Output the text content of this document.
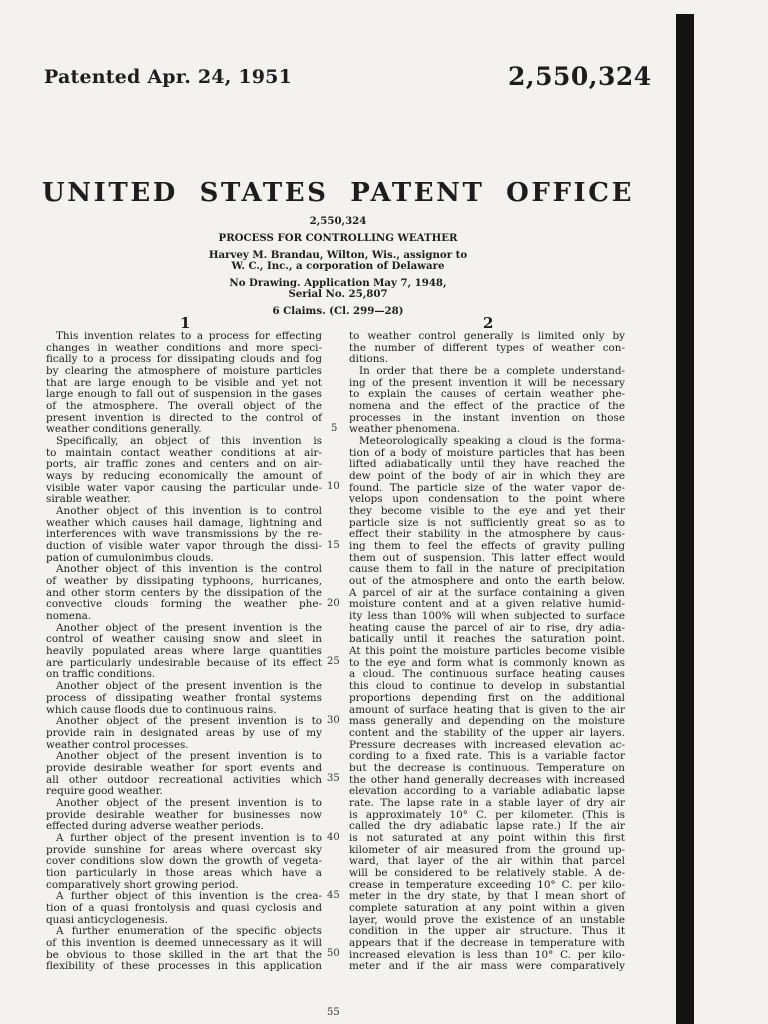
Patented Apr. 24, 1951	2,550,324
UNITED STATES PATENT OFFICE
2,550,324
PROCESS FOR CONTROLLING WEATHER
Harvey M. Brandau, Wilton, Wis., assignor to
W. C., Inc., a corporation of Delaware
No Drawing. Application May 7, 1948,
Serial No. 25,807
6 Claims. (Cl. 299—28)
1	2
This invention relates to a process for effecting
changes in weather conditions and more speci-
fically to a process for dissipating clouds and fog
by clearing the atmosphere of moisture particles
that are large enough to be visible and yet not
large enough to fall out of suspension in the gases
of the atmosphere. The overall object of the
present invention is directed to the control of
weather conditions generally.
Specifically, an object of this invention is
to maintain contact weather conditions at air-
ports, air traffic zones and centers and on air-
ways by reducing economically the amount of
visible water vapor causing the particular unde-
sirable weather.
Another object of this invention is to control
weather which causes hail damage, lightning and
interferences with wave transmissions by the re-
duction of visible water vapor through the dissi-
pation of cumulonimbus clouds.
Another object of this invention is the control
of weather by dissipating typhoons, hurricanes,
and other storm centers by the dissipation of the
convective clouds forming the weather phe-
nomena.
Another object of the present invention is the
control of weather causing snow and sleet in
heavily populated areas where large quantities
are particularly undesirable because of its effect
on traffic conditions.
Another object of the present invention is the
process of dissipating weather frontal systems
which cause floods due to continuous rains.
Another object of the present invention is to
provide rain in designated areas by use of my
weather control processes.
Another object of the present invention is to
provide desirable weather for sport events and
all other outdoor recreational activities which
require good weather.
Another object of the present invention is to
provide desirable weather for businesses now
effected during adverse weather periods.
A further object of the present invention is to
provide sunshine for areas where overcast sky
cover conditions slow down the growth of vegeta-
tion particularly in those areas which have a
comparatively short growing period.
A further object of this invention is the crea-
tion of a quasi frontolysis and quasi cyclosis and
quasi anticyclogenesis.
A further enumeration of the specific objects
of this invention is deemed unnecessary as it will
be obvious to those skilled in the art that the
flexibility of these processes in this application
to weather control generally is limited only by
the number of different types of weather con-
ditions.
In order that there be a complete understand-
ing of the present invention it will be necessary
to explain the causes of certain weather phe-
nomena and the effect of the practice of the
processes in the instant invention on those
weather phenomena.
Meteorologically speaking a cloud is the forma-
tion of a body of moisture particles that has been
lifted adiabatically until they have reached the
dew point of the body of air in which they are
found. The particle size of the water vapor de-
velops upon condensation to the point where
they become visible to the eye and yet their
particle size is not sufficiently great so as to
effect their stability in the atmosphere by caus-
ing them to feel the effects of gravity pulling
them out of suspension. This latter effect would
cause them to fall in the nature of precipitation
out of the atmosphere and onto the earth below.
A parcel of air at the surface containing a given
moisture content and at a given relative humid-
ity less than 100% will when subjected to surface
heating cause the parcel of air to rise, dry adia-
batically until it reaches the saturation point.
At this point the moisture particles become visible
to the eye and form what is commonly known as
a cloud. The continuous surface heating causes
this cloud to continue to develop in substantial
proportions depending first on the additional
amount of surface heating that is given to the air
mass generally and depending on the moisture
content and the stability of the upper air layers.
Pressure decreases with increased elevation ac-
cording to a fixed rate. This is a variable factor
but the decrease is continuous. Temperature on
the other hand generally decreases with increased
elevation according to a variable adiabatic lapse
rate. The lapse rate in a stable layer of dry air
is approximately 10° C. per kilometer. (This is
called the dry adiabatic lapse rate.) If the air
is not saturated at any point within this first
kilometer of air measured from the ground up-
ward, that layer of the air within that parcel
will be considered to be relatively stable. A de-
crease in temperature exceeding 10° C. per kilo-
meter in the dry state, by that I mean short of
complete saturation at any point within a given
layer, would prove the existence of an unstable
condition in the upper air structure. Thus it
appears that if the decrease in temperature with
increased elevation is less than 10° C. per kilo-
meter and if the air mass were comparatively
5
10
15
20
25
30
35
40
45
50
55
